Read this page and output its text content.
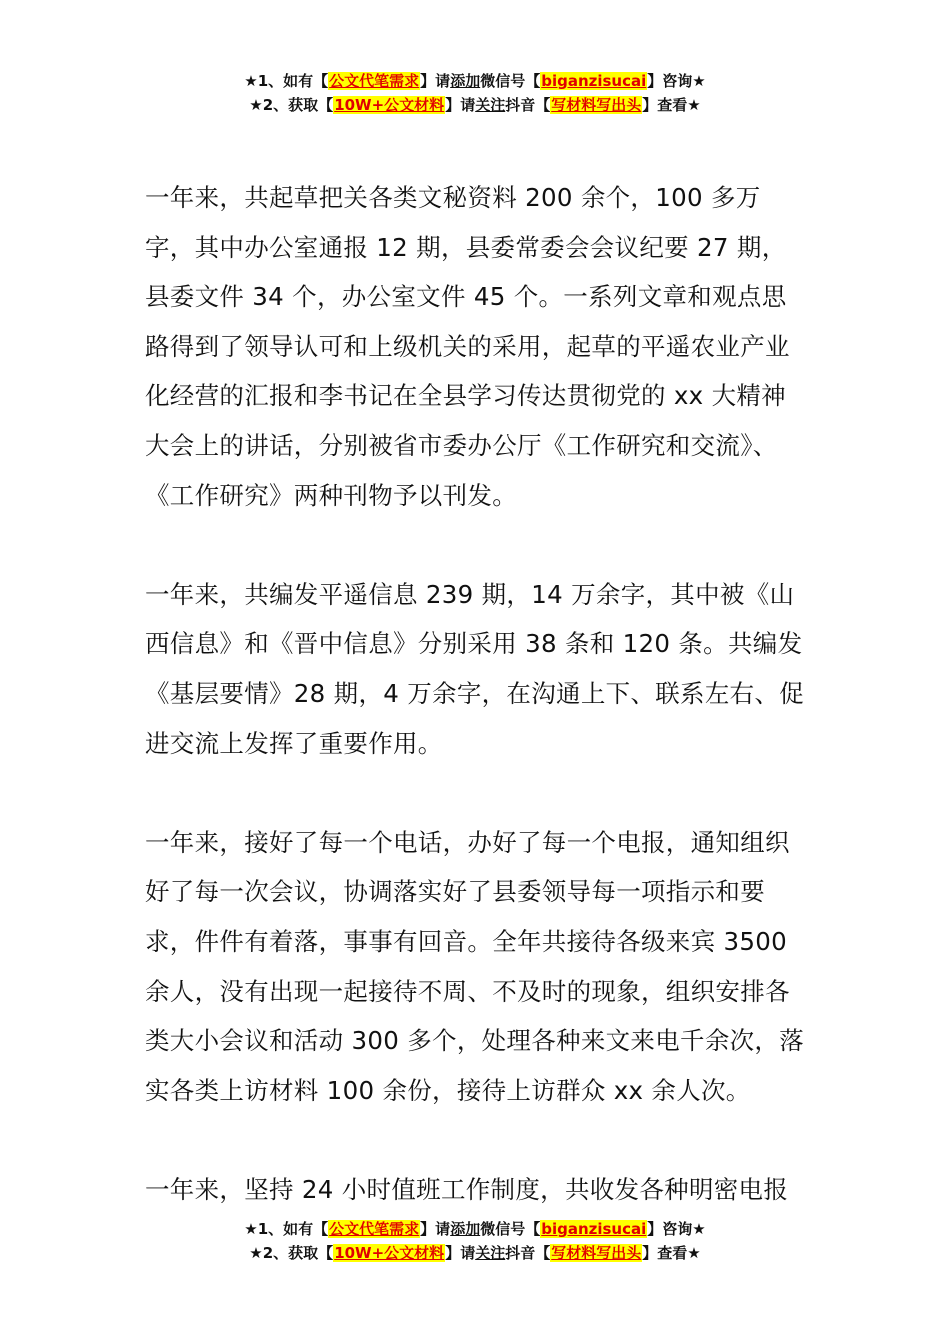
★1、如有【公文代笔需求】请添加微信号【biganzisucai】咨询★
★2、获取【10W+公文材料】请关注抖音【写材料写出头】查看★

一年来，共起草把关各类文秘资料 200 余个，100 多万字，其中办公室通报 12 期，县委常委会会议纪要 27 期，县委文件 34 个，办公室文件 45 个。一系列文章和观点思路得到了领导认可和上级机关的采用，起草的平遥农业产业化经营的汇报和李书记在全县学习传达贯彻党的 xx 大精神大会上的讲话，分别被省市委办公厅《工作研究和交流》、《工作研究》两种刊物予以刊发。

一年来，共编发平遥信息 239 期，14 万余字，其中被《山西信息》和《晋中信息》分别采用 38 条和 120 条。共编发《基层要情》28 期，4 万余字，在沟通上下、联系左右、促进交流上发挥了重要作用。

一年来，接好了每一个电话，办好了每一个电报，通知组织好了每一次会议，协调落实好了县委领导每一项指示和要求，件件有着落，事事有回音。全年共接待各级来宾 3500 余人，没有出现一起接待不周、不及时的现象，组织安排各类大小会议和活动 300 多个，处理各种来文来电千余次，落实各类上访材料 100 余份，接待上访群众 xx 余人次。

一年来，坚持 24 小时值班工作制度，共收发各种明密电报

★1、如有【公文代笔需求】请添加微信号【biganzisucai】咨询★
★2、获取【10W+公文材料】请关注抖音【写材料写出头】查看★
